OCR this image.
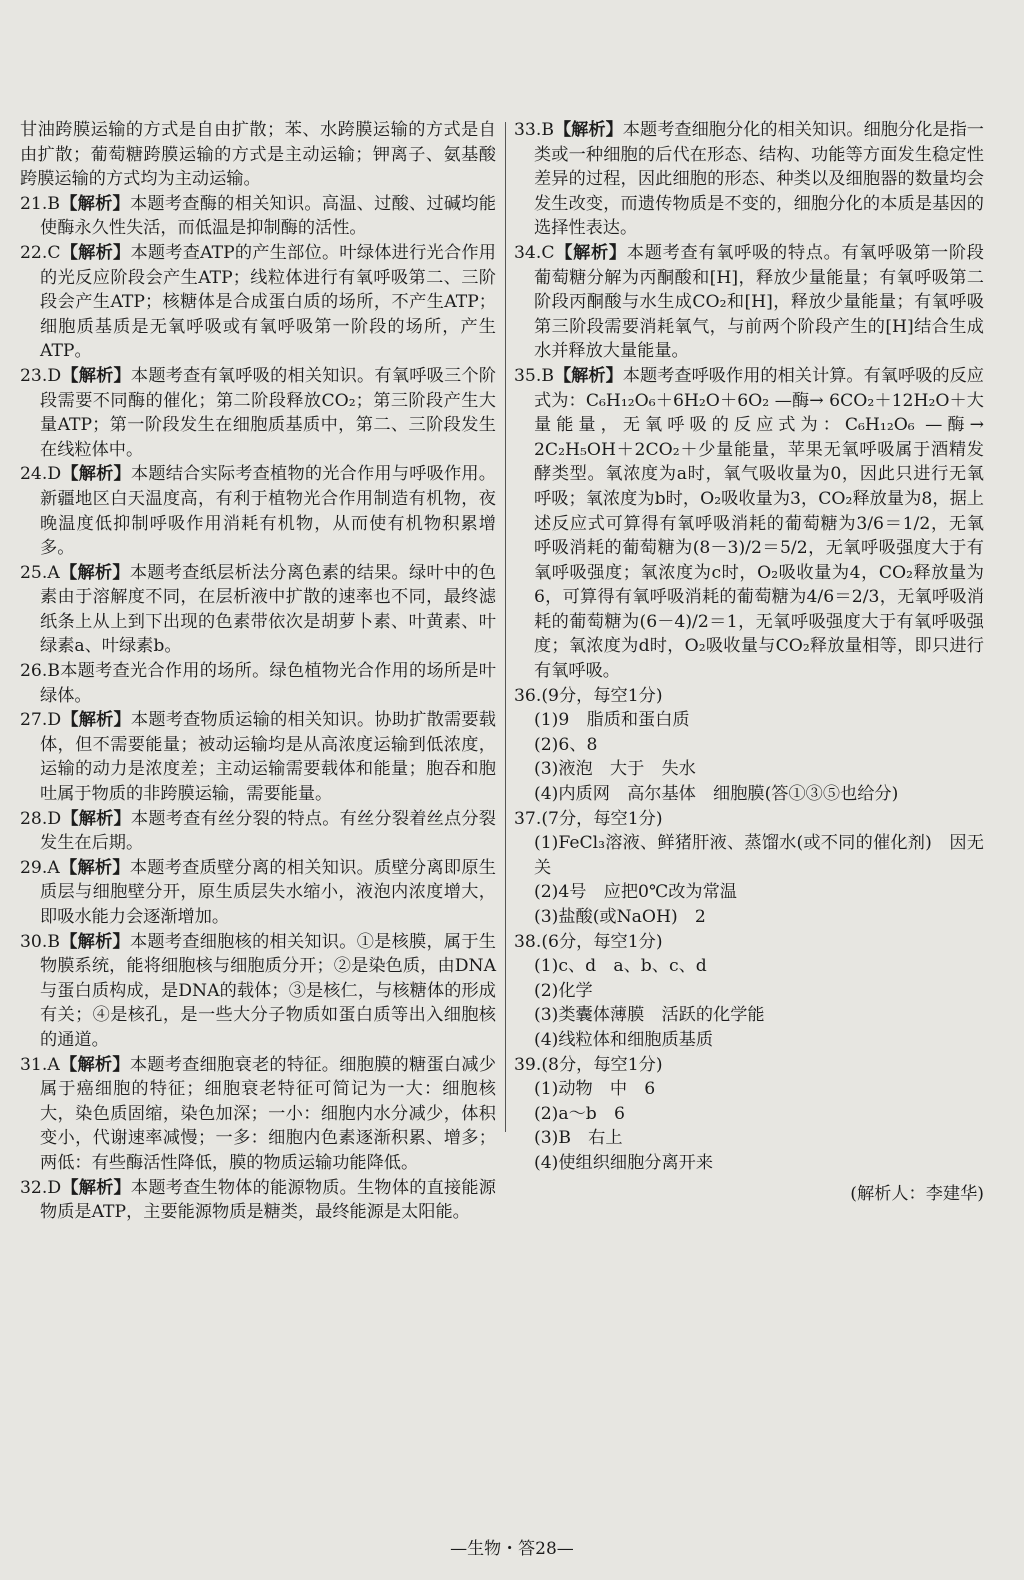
甘油跨膜运输的方式是自由扩散；苯、水跨膜运输的方式是自由扩散；葡萄糖跨膜运输的方式是主动运输；钾离子、氨基酸跨膜运输的方式均为主动运输。

21.B【解析】本题考查酶的相关知识。高温、过酸、过碱均能使酶永久性失活，而低温是抑制酶的活性。

22.C【解析】本题考查ATP的产生部位。叶绿体进行光合作用的光反应阶段会产生ATP；线粒体进行有氧呼吸第二、三阶段会产生ATP；核糖体是合成蛋白质的场所，不产生ATP；细胞质基质是无氧呼吸或有氧呼吸第一阶段的场所，产生ATP。

23.D【解析】本题考查有氧呼吸的相关知识。有氧呼吸三个阶段需要不同酶的催化；第二阶段释放CO₂；第三阶段产生大量ATP；第一阶段发生在细胞质基质中，第二、三阶段发生在线粒体中。

24.D【解析】本题结合实际考查植物的光合作用与呼吸作用。新疆地区白天温度高，有利于植物光合作用制造有机物，夜晚温度低抑制呼吸作用消耗有机物，从而使有机物积累增多。

25.A【解析】本题考查纸层析法分离色素的结果。绿叶中的色素由于溶解度不同，在层析液中扩散的速率也不同，最终滤纸条上从上到下出现的色素带依次是胡萝卜素、叶黄素、叶绿素a、叶绿素b。

26.B本题考查光合作用的场所。绿色植物光合作用的场所是叶绿体。

27.D【解析】本题考查物质运输的相关知识。协助扩散需要载体，但不需要能量；被动运输均是从高浓度运输到低浓度，运输的动力是浓度差；主动运输需要载体和能量；胞吞和胞吐属于物质的非跨膜运输，需要能量。

28.D【解析】本题考查有丝分裂的特点。有丝分裂着丝点分裂发生在后期。

29.A【解析】本题考查质壁分离的相关知识。质壁分离即原生质层与细胞壁分开，原生质层失水缩小，液泡内浓度增大，即吸水能力会逐渐增加。

30.B【解析】本题考查细胞核的相关知识。①是核膜，属于生物膜系统，能将细胞核与细胞质分开；②是染色质，由DNA与蛋白质构成，是DNA的载体；③是核仁，与核糖体的形成有关；④是核孔，是一些大分子物质如蛋白质等出入细胞核的通道。

31.A【解析】本题考查细胞衰老的特征。细胞膜的糖蛋白减少属于癌细胞的特征；细胞衰老特征可简记为一大：细胞核大，染色质固缩，染色加深；一小：细胞内水分减少，体积变小，代谢速率减慢；一多：细胞内色素逐渐积累、增多；两低：有些酶活性降低，膜的物质运输功能降低。

32.D【解析】本题考查生物体的能源物质。生物体的直接能源物质是ATP，主要能源物质是糖类，最终能源是太阳能。

33.B【解析】本题考查细胞分化的相关知识。细胞分化是指一类或一种细胞的后代在形态、结构、功能等方面发生稳定性差异的过程，因此细胞的形态、种类以及细胞器的数量均会发生改变，而遗传物质是不变的，细胞分化的本质是基因的选择性表达。

34.C【解析】本题考查有氧呼吸的特点。有氧呼吸第一阶段葡萄糖分解为丙酮酸和[H]，释放少量能量；有氧呼吸第二阶段丙酮酸与水生成CO₂和[H]，释放少量能量；有氧呼吸第三阶段需要消耗氧气，与前两个阶段产生的[H]结合生成水并释放大量能量。

35.B【解析】本题考查呼吸作用的相关计算。有氧呼吸的反应式为：C₆H₁₂O₆＋6H₂O＋6O₂ —酶→ 6CO₂＋12H₂O＋大量能量，无氧呼吸的反应式为：C₆H₁₂O₆ —酶→ 2C₂H₅OH＋2CO₂＋少量能量，苹果无氧呼吸属于酒精发酵类型。氧浓度为a时，氧气吸收量为0，因此只进行无氧呼吸；氧浓度为b时，O₂吸收量为3，CO₂释放量为8，据上述反应式可算得有氧呼吸消耗的葡萄糖为3/6＝1/2，无氧呼吸消耗的葡萄糖为(8－3)/2＝5/2，无氧呼吸强度大于有氧呼吸强度；氧浓度为c时，O₂吸收量为4，CO₂释放量为6，可算得有氧呼吸消耗的葡萄糖为4/6＝2/3，无氧呼吸消耗的葡萄糖为(6－4)/2＝1，无氧呼吸强度大于有氧呼吸强度；氧浓度为d时，O₂吸收量与CO₂释放量相等，即只进行有氧呼吸。

36.(9分，每空1分)

(1)9　脂质和蛋白质

(2)6、8

(3)液泡　大于　失水

(4)内质网　高尔基体　细胞膜(答①③⑤也给分)

37.(7分，每空1分)

(1)FeCl₃溶液、鲜猪肝液、蒸馏水(或不同的催化剂)　因无关

(2)4号　应把0℃改为常温

(3)盐酸(或NaOH)　2

38.(6分，每空1分)

(1)c、d　a、b、c、d

(2)化学

(3)类囊体薄膜　活跃的化学能

(4)线粒体和细胞质基质

39.(8分，每空1分)

(1)动物　中　6

(2)a～b　6

(3)B　右上

(4)使组织细胞分离开来

(解析人：李建华)

—生物・答28—
